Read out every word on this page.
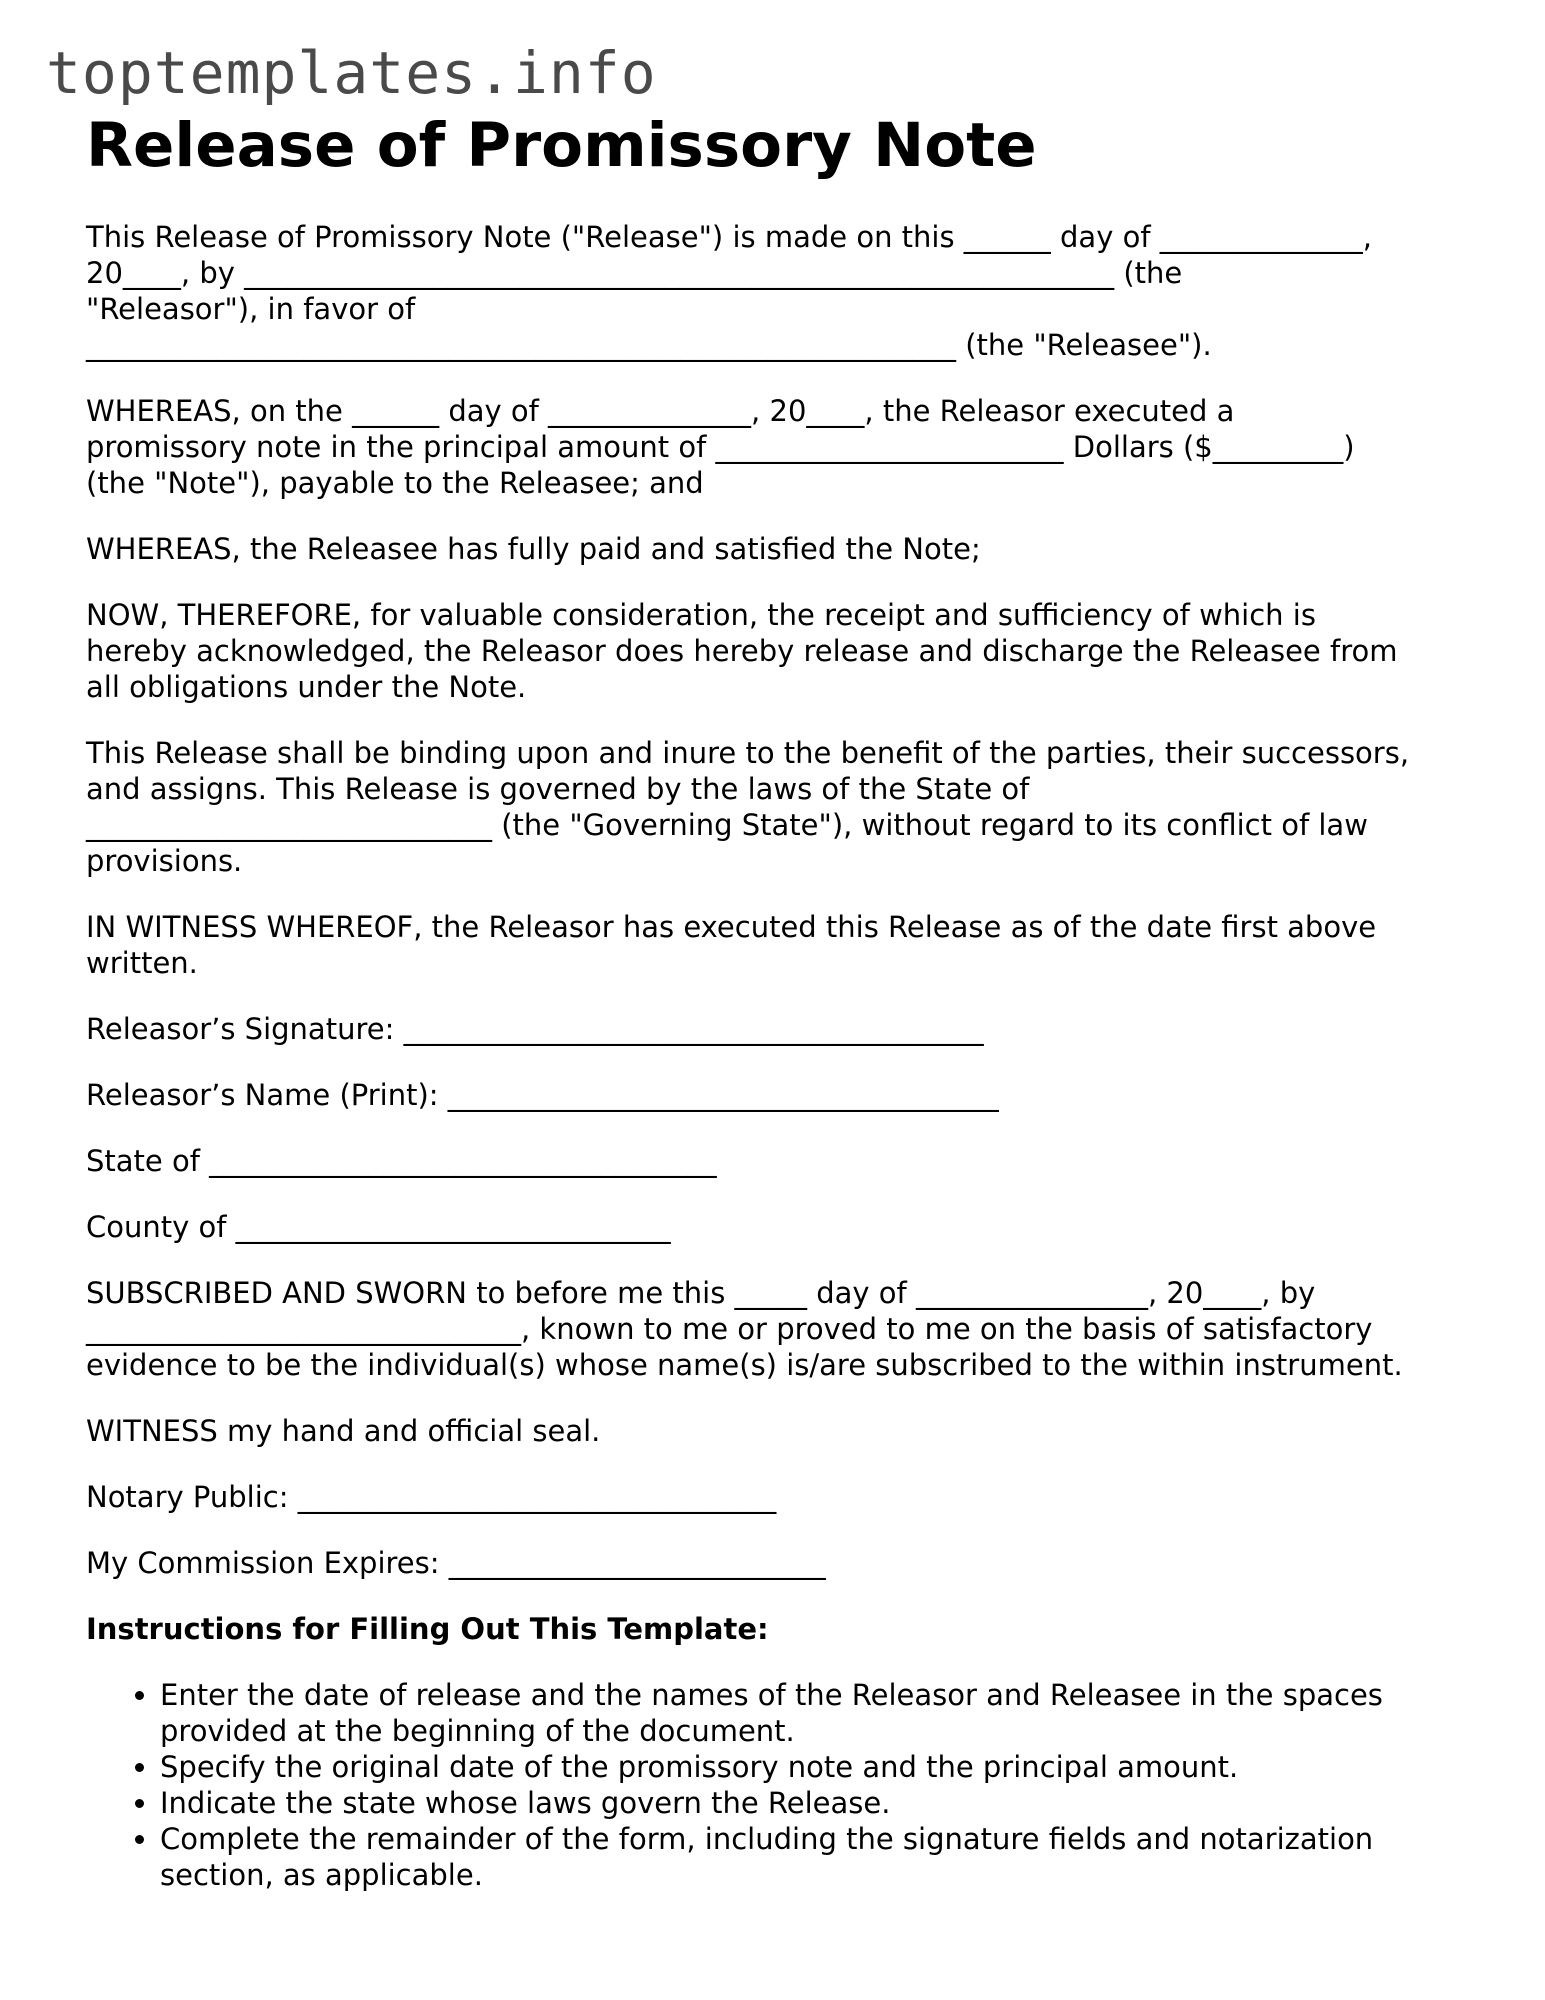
toptemplates.info
Release of Promissory Note
This Release of Promissory Note ("Release") is made on this ______ day of ______________,
20____, by ____________________________________________________________ (the
"Releasor"), in favor of
____________________________________________________________ (the "Releasee").
WHEREAS, on the ______ day of ______________, 20____, the Releasor executed a
promissory note in the principal amount of ________________________ Dollars ($_________)
(the "Note"), payable to the Releasee; and
WHEREAS, the Releasee has fully paid and satisfied the Note;
NOW, THEREFORE, for valuable consideration, the receipt and sufficiency of which is
hereby acknowledged, the Releasor does hereby release and discharge the Releasee from
all obligations under the Note.
This Release shall be binding upon and inure to the benefit of the parties, their successors,
and assigns. This Release is governed by the laws of the State of
____________________________ (the "Governing State"), without regard to its conflict of law
provisions.
IN WITNESS WHEREOF, the Releasor has executed this Release as of the date first above
written.
Releasor’s Signature: ________________________________________
Releasor’s Name (Print): ______________________________________
State of ___________________________________
County of ______________________________
SUBSCRIBED AND SWORN to before me this _____ day of ________________, 20____, by
______________________________, known to me or proved to me on the basis of satisfactory
evidence to be the individual(s) whose name(s) is/are subscribed to the within instrument.
WITNESS my hand and official seal.
Notary Public: _________________________________
My Commission Expires: __________________________
Instructions for Filling Out This Template:
• Enter the date of release and the names of the Releasor and Releasee in the spaces provided at the beginning of the document.
• Specify the original date of the promissory note and the principal amount.
• Indicate the state whose laws govern the Release.
• Complete the remainder of the form, including the signature fields and notarization section, as applicable.
